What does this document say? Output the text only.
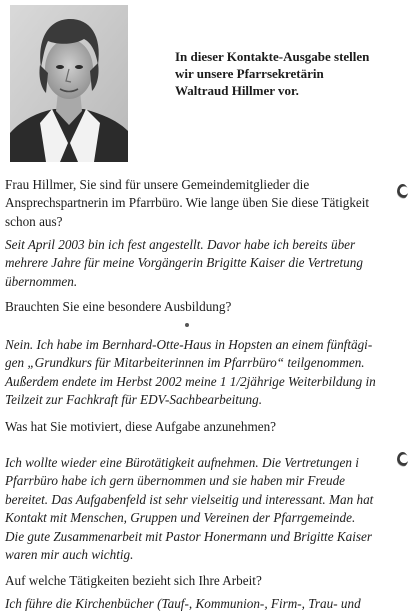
In dieser Kontakte-Ausgabe stellen
wir unsere Pfarrsekretärin
Waltraud Hillmer vor.
Frau Hillmer, Sie sind für unsere Gemeindemitglieder die
Ansprechspartnerin im Pfarrbüro. Wie lange üben Sie diese Tätigkeit
schon aus?
Seit April 2003 bin ich fest angestellt. Davor habe ich bereits über
mehrere Jahre für meine Vorgängerin Brigitte Kaiser die Vertretung
übernommen.
Brauchten Sie eine besondere Ausbildung?
Nein. Ich habe im Bernhard-Otte-Haus in Hopsten an einem fünftägi-
gen „Grundkurs für Mitarbeiterinnen im Pfarrbüro“ teilgenommen.
Außerdem endete im Herbst 2002 meine 1 1/2jährige Weiterbildung in
Teilzeit zur Fachkraft für EDV-Sachbearbeitung.
Was hat Sie motiviert, diese Aufgabe anzunehmen?
Ich wollte wieder eine Bürotätigkeit aufnehmen. Die Vertretungen i
Pfarrbüro habe ich gern übernommen und sie haben mir Freude
bereitet. Das Aufgabenfeld ist sehr vielseitig und interessant. Man hat
Kontakt mit Menschen, Gruppen und Vereinen der Pfarrgemeinde.
Die gute Zusammenarbeit mit Pastor Honermann und Brigitte Kaiser
waren mir auch wichtig.
Auf welche Tätigkeiten bezieht sich Ihre Arbeit?
Ich führe die Kirchenbücher (Tauf-, Kommunion-, Firm-, Trau- und
